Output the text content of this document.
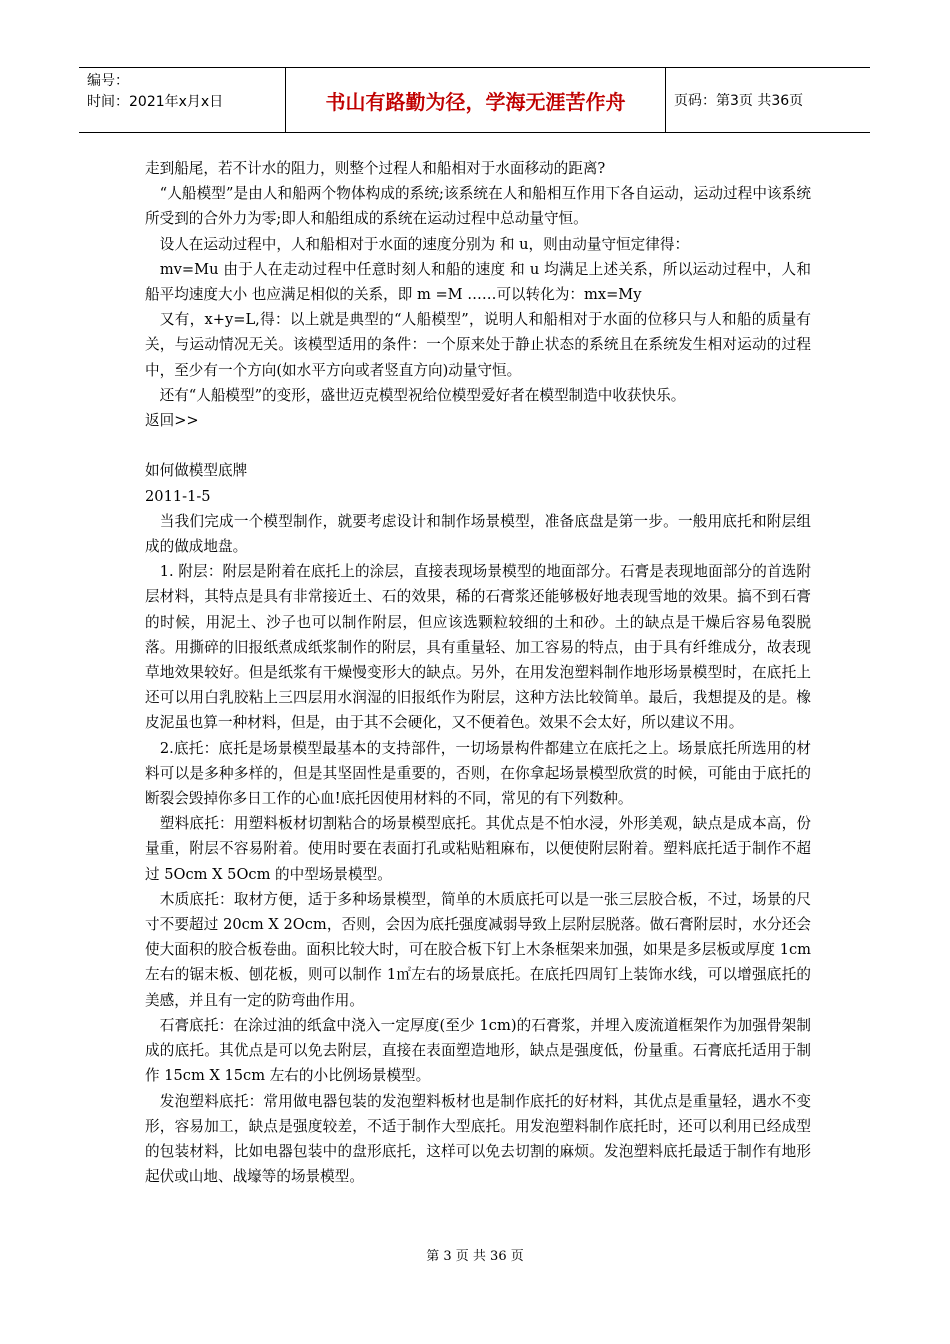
编号：
时间：2021年x月x日	书山有路勤为径，学海无涯苦作舟	页码：第3页 共36页

走到船尾，若不计水的阻力，则整个过程人和船相对于水面移动的距离?

　“人船模型”是由人和船两个物体构成的系统;该系统在人和船相互作用下各自运动，运动过程中该系统所受到的合外力为零;即人和船组成的系统在运动过程中总动量守恒。

　设人在运动过程中，人和船相对于水面的速度分别为 和 u，则由动量守恒定律得：

　mv=Mu 由于人在走动过程中任意时刻人和船的速度 和 u 均满足上述关系，所以运动过程中，人和船平均速度大小 也应满足相似的关系，即 m =M ……可以转化为：mx=My

　又有，x+y=L,得：以上就是典型的“人船模型”，说明人和船相对于水面的位移只与人和船的质量有关，与运动情况无关。该模型适用的条件：一个原来处于静止状态的系统且在系统发生相对运动的过程中，至少有一个方向(如水平方向或者竖直方向)动量守恒。

　还有“人船模型”的变形，盛世迈克模型祝给位模型爱好者在模型制造中收获快乐。

返回>>

如何做模型底牌

2011-1-5

　当我们完成一个模型制作，就要考虑设计和制作场景模型，准备底盘是第一步。一般用底托和附层组成的做成地盘。

　1. 附层：附层是附着在底托上的涂层，直接表现场景模型的地面部分。石膏是表现地面部分的首选附层材料，其特点是具有非常接近土、石的效果，稀的石膏浆还能够极好地表现雪地的效果。搞不到石膏的时候，用泥土、沙子也可以制作附层，但应该选颗粒较细的土和砂。土的缺点是干燥后容易龟裂脱落。用撕碎的旧报纸煮成纸浆制作的附层，具有重量轻、加工容易的特点，由于具有纤维成分，故表现草地效果较好。但是纸浆有干燥慢变形大的缺点。另外，在用发泡塑料制作地形场景模型时，在底托上还可以用白乳胶粘上三四层用水润湿的旧报纸作为附层，这种方法比较简单。最后，我想提及的是。橡皮泥虽也算一种材料，但是，由于其不会硬化，又不便着色。效果不会太好，所以建议不用。

　2.底托：底托是场景模型最基本的支持部件，一切场景构件都建立在底托之上。场景底托所选用的材料可以是多种多样的，但是其坚固性是重要的，否则，在你拿起场景模型欣赏的时候，可能由于底托的断裂会毁掉你多日工作的心血!底托因使用材料的不同，常见的有下列数种。

　塑料底托：用塑料板材切割粘合的场景模型底托。其优点是不怕水浸，外形美观，缺点是成本高，份量重，附层不容易附着。使用时要在表面打孔或粘贴粗麻布，以便使附层附着。塑料底托适于制作不超过 5Ocm X 5Ocm 的中型场景模型。

　木质底托：取材方便，适于多种场景模型，简单的木质底托可以是一张三层胶合板，不过，场景的尺寸不要超过 20cm X 2Ocm，否则，会因为底托强度减弱导致上层附层脱落。做石膏附层时，水分还会使大面积的胶合板卷曲。面积比较大时，可在胶合板下钉上木条框架来加强，如果是多层板或厚度 1cm 左右的锯末板、刨花板，则可以制作 1㎡左右的场景底托。在底托四周钉上装饰水线，可以增强底托的美感，并且有一定的防弯曲作用。

　石膏底托：在涂过油的纸盒中浇入一定厚度(至少 1cm)的石膏浆，并埋入废流道框架作为加强骨架制成的底托。其优点是可以免去附层，直接在表面塑造地形，缺点是强度低，份量重。石膏底托适用于制作 15cm X 15cm 左右的小比例场景模型。

　发泡塑料底托：常用做电器包装的发泡塑料板材也是制作底托的好材料，其优点是重量轻，遇水不变形，容易加工，缺点是强度较差，不适于制作大型底托。用发泡塑料制作底托时，还可以利用已经成型的包装材料，比如电器包装中的盘形底托，这样可以免去切割的麻烦。发泡塑料底托最适于制作有地形起伏或山地、战壕等的场景模型。

第 3 页 共 36 页
